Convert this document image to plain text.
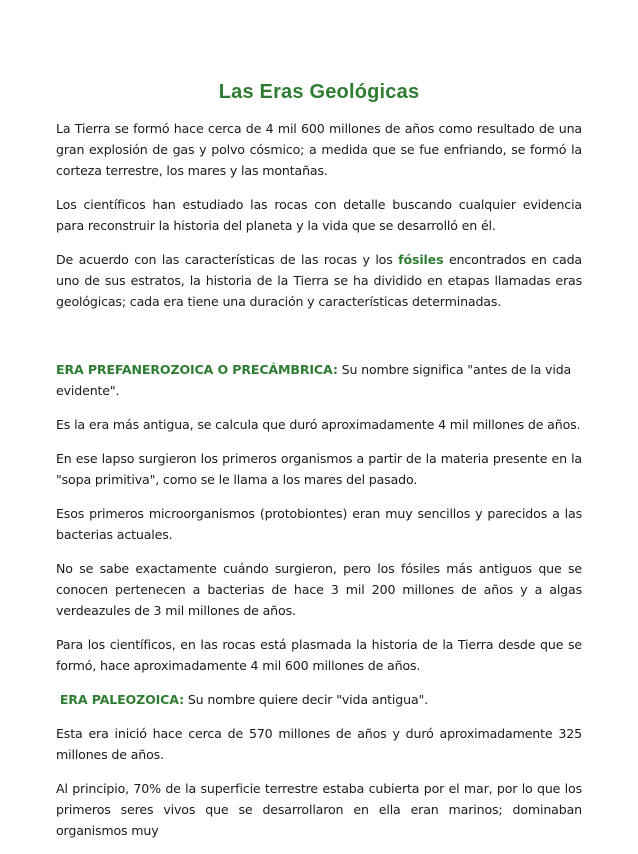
Las Eras Geológicas

La Tierra se formó hace cerca de 4 mil 600 millones de años como resultado de una gran explosión de gas y polvo cósmico; a medida que se fue enfriando, se formó la corteza terrestre, los mares y las montañas.

Los científicos han estudiado las rocas con detalle buscando cualquier evidencia para reconstruir la historia del planeta y la vida que se desarrolló en él.

De acuerdo con las características de las rocas y los fósiles encontrados en cada uno de sus estratos, la historia de la Tierra se ha dividido en etapas llamadas eras geológicas; cada era tiene una duración y características determinadas.

ERA PREFANEROZOICA O PRECÁMBRICA: Su nombre significa "antes de la vida evidente".

Es la era más antigua, se calcula que duró aproximadamente 4 mil millones de años.

En ese lapso surgieron los primeros organismos a partir de la materia presente en la "sopa primitiva", como se le llama a los mares del pasado.

Esos primeros microorganismos (protobiontes) eran muy sencillos y parecidos a las bacterias actuales.

No se sabe exactamente cuándo surgieron, pero los fósiles más antiguos que se conocen pertenecen a bacterias de hace 3 mil 200 millones de años y a algas verdeazules de 3 mil millones de años.

Para los científicos, en las rocas está plasmada la historia de la Tierra desde que se formó, hace aproximadamente 4 mil 600 millones de años.

ERA PALEOZOICA: Su nombre quiere decir "vida antigua".

Esta era inició hace cerca de 570 millones de años y duró aproximadamente 325 millones de años.

Al principio, 70% de la superficie terrestre estaba cubierta por el mar, por lo que los primeros seres vivos que se desarrollaron en ella eran marinos; dominaban organismos muy
